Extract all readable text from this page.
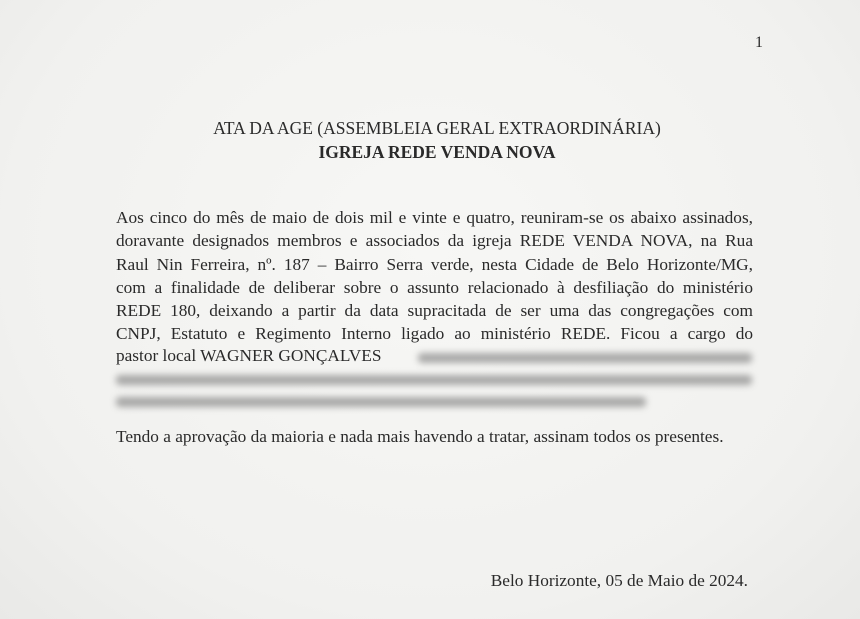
1
ATA DA AGE (ASSEMBLEIA GERAL EXTRAORDINÁRIA)
IGREJA REDE VENDA NOVA
Aos cinco do mês de maio de dois mil e vinte e quatro, reuniram-se os abaixo assinados,
doravante designados membros e associados da igreja REDE VENDA NOVA, na Rua
Raul Nin Ferreira, nº. 187 – Bairro Serra verde, nesta Cidade de Belo Horizonte/MG,
com a finalidade de deliberar sobre o assunto relacionado à desfiliação do ministério
REDE 180, deixando a partir da data supracitada de ser uma das congregações com
CNPJ, Estatuto e Regimento Interno ligado ao ministério REDE. Ficou a cargo do
pastor local WAGNER GONÇALVES
Tendo a aprovação da maioria e nada mais havendo a tratar, assinam todos os presentes.
Belo Horizonte, 05 de Maio de 2024.
